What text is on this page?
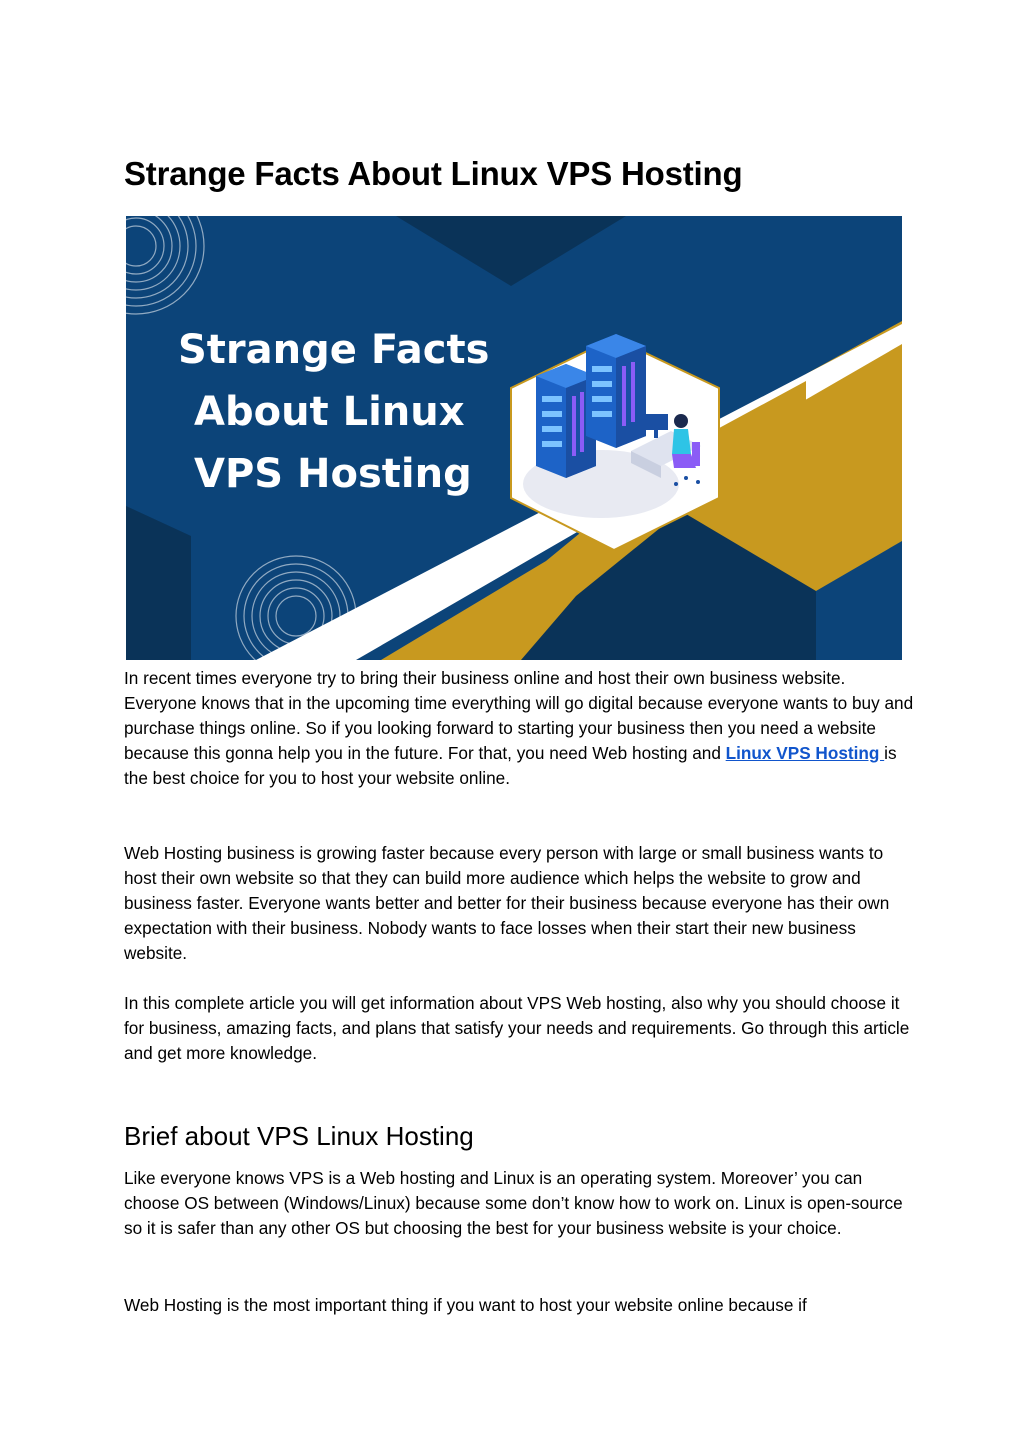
Strange Facts About Linux VPS Hosting
Strange Facts
About Linux
VPS Hosting

In recent times everyone try to bring their business online and host their own business website. Everyone knows that in the upcoming time everything will go digital because everyone wants to buy and purchase things online. So if you looking forward to starting your business then you need a website because this gonna help you in the future. For that, you need Web hosting and Linux VPS Hosting is the best choice for you to host your website online.

Web Hosting business is growing faster because every person with large or small business wants to host their own website so that they can build more audience which helps the website to grow and business faster. Everyone wants better and better for their business because everyone has their own expectation with their business. Nobody wants to face losses when their start their new business website.

In this complete article you will get information about VPS Web hosting, also why you should choose it for business, amazing facts, and plans that satisfy your needs and requirements. Go through this article and get more knowledge.

Brief about VPS Linux Hosting

Like everyone knows VPS is a Web hosting and Linux is an operating system. Moreover’ you can choose OS between (Windows/Linux) because some don’t know how to work on. Linux is open-source so it is safer than any other OS but choosing the best for your business website is your choice.

Web Hosting is the most important thing if you want to host your website online because if
